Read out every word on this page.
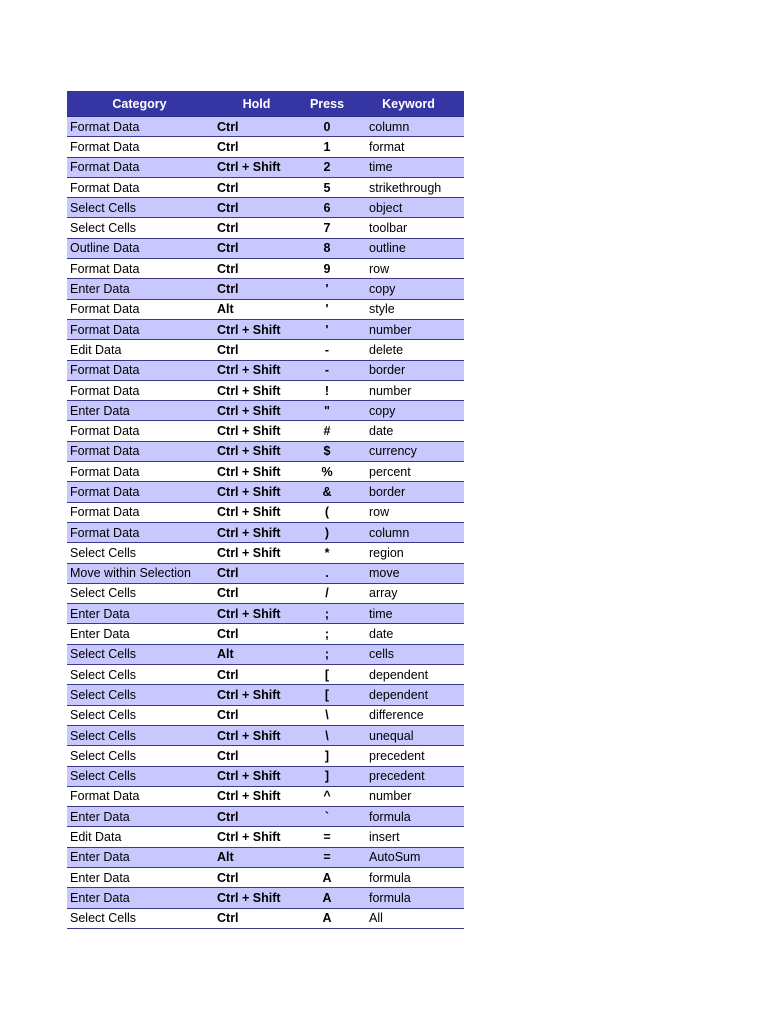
Category	Hold	Press	Keyword
Format Data	Ctrl	0	column
Format Data	Ctrl	1	format
Format Data	Ctrl + Shift	2	time
Format Data	Ctrl	5	strikethrough
Select Cells	Ctrl	6	object
Select Cells	Ctrl	7	toolbar
Outline Data	Ctrl	8	outline
Format Data	Ctrl	9	row
Enter Data	Ctrl	'	copy
Format Data	Alt	'	style
Format Data	Ctrl + Shift	'	number
Edit Data	Ctrl	-	delete
Format Data	Ctrl + Shift	-	border
Format Data	Ctrl + Shift	!	number
Enter Data	Ctrl + Shift	"	copy
Format Data	Ctrl + Shift	#	date
Format Data	Ctrl + Shift	$	currency
Format Data	Ctrl + Shift	%	percent
Format Data	Ctrl + Shift	&	border
Format Data	Ctrl + Shift	(	row
Format Data	Ctrl + Shift	)	column
Select Cells	Ctrl + Shift	*	region
Move within Selection	Ctrl	.	move
Select Cells	Ctrl	/	array
Enter Data	Ctrl + Shift	;	time
Enter Data	Ctrl	;	date
Select Cells	Alt	;	cells
Select Cells	Ctrl	[	dependent
Select Cells	Ctrl + Shift	[	dependent
Select Cells	Ctrl	\	difference
Select Cells	Ctrl + Shift	\	unequal
Select Cells	Ctrl	]	precedent
Select Cells	Ctrl + Shift	]	precedent
Format Data	Ctrl + Shift	^	number
Enter Data	Ctrl	`	formula
Edit Data	Ctrl + Shift	=	insert
Enter Data	Alt	=	AutoSum
Enter Data	Ctrl	A	formula
Enter Data	Ctrl + Shift	A	formula
Select Cells	Ctrl	A	All
